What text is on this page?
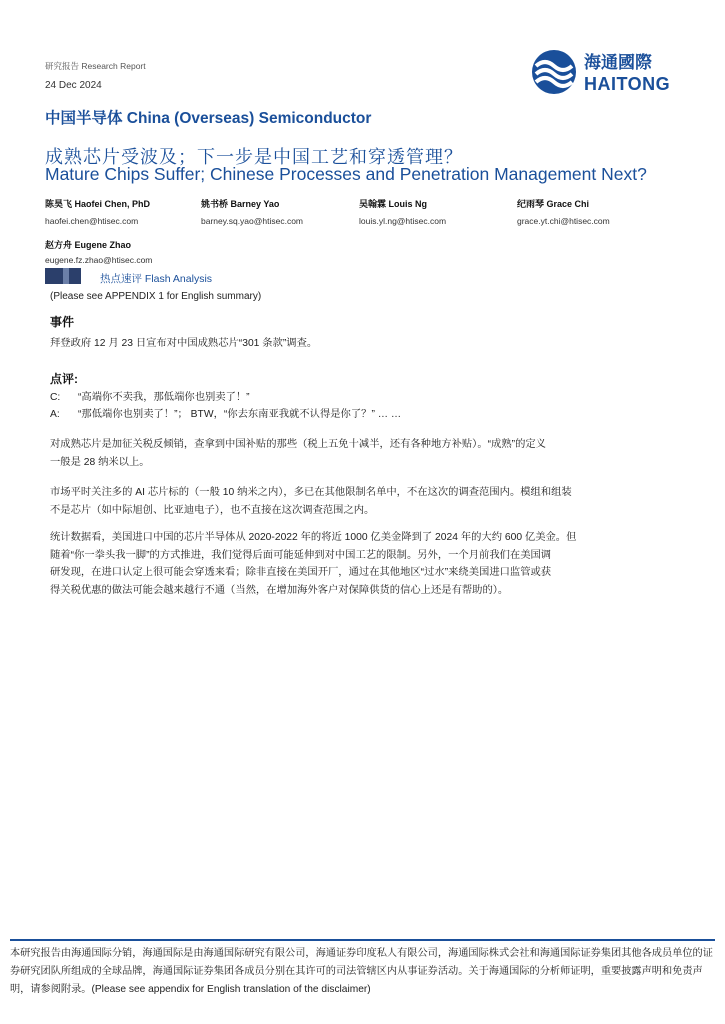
研究报告 Research Report
24 Dec 2024
中国半导体 China (Overseas) Semiconductor
海通國際
HAITONG
成熟芯片受波及；下一步是中国工艺和穿透管理？
Mature Chips Suffer; Chinese Processes and Penetration Management Next?
陈昊飞 Haofei Chen, PhD
haofei.chen@htisec.com
姚书桥 Barney Yao
barney.sq.yao@htisec.com
吴翰霖 Louis Ng
louis.yl.ng@htisec.com
纪雨琴 Grace Chi
grace.yt.chi@htisec.com
赵方舟 Eugene Zhao
eugene.fz.zhao@htisec.com
热点速评 Flash Analysis
(Please see APPENDIX 1 for English summary)
事件
拜登政府 12 月 23 日宣布对中国成熟芯片“301 条款”调查。
点评:
C: “高端你不卖我，那低端你也别卖了！”
A: “那低端你也别卖了！”； BTW，“你去东南亚我就不认得是你了？” … …
对成熟芯片是加征关税反倾销，查拿到中国补贴的那些（税上五免十减半，还有各种地方补贴）。“成熟”的定义
一般是 28 纳米以上。
市场平时关注多的 AI 芯片标的（一般 10 纳米之内），多已在其他限制名单中，不在这次的调查范围内。模组和组装
不是芯片（如中际旭创、比亚迪电子），也不直接在这次调查范围之内。
统计数据看，美国进口中国的芯片半导体从 2020-2022 年的将近 1000 亿美金降到了 2024 年的大约 600 亿美金。但
随着“你一拳头我一脚”的方式推进，我们觉得后面可能延伸到对中国工艺的限制。另外，一个月前我们在美国调
研发现，在进口认定上很可能会穿透来看；除非直接在美国开厂，通过在其他地区“过水”来绕美国进口监管或获
得关税优惠的做法可能会越来越行不通（当然，在增加海外客户对保障供货的信心上还是有帮助的）。
本研究报告由海通国际分销，海通国际是由海通国际研究有限公司，海通证券印度私人有限公司，海通国际株式会社和海通国际证券集团其他各成员单位的证券研究团队所组成的全球品牌，海通国际证券集团各成员分别在其许可的司法管辖区内从事证券活动。关于海通国际的分析师证明，重要披露声明和免责声明，请参阅附录。(Please see appendix for English translation of the disclaimer)
